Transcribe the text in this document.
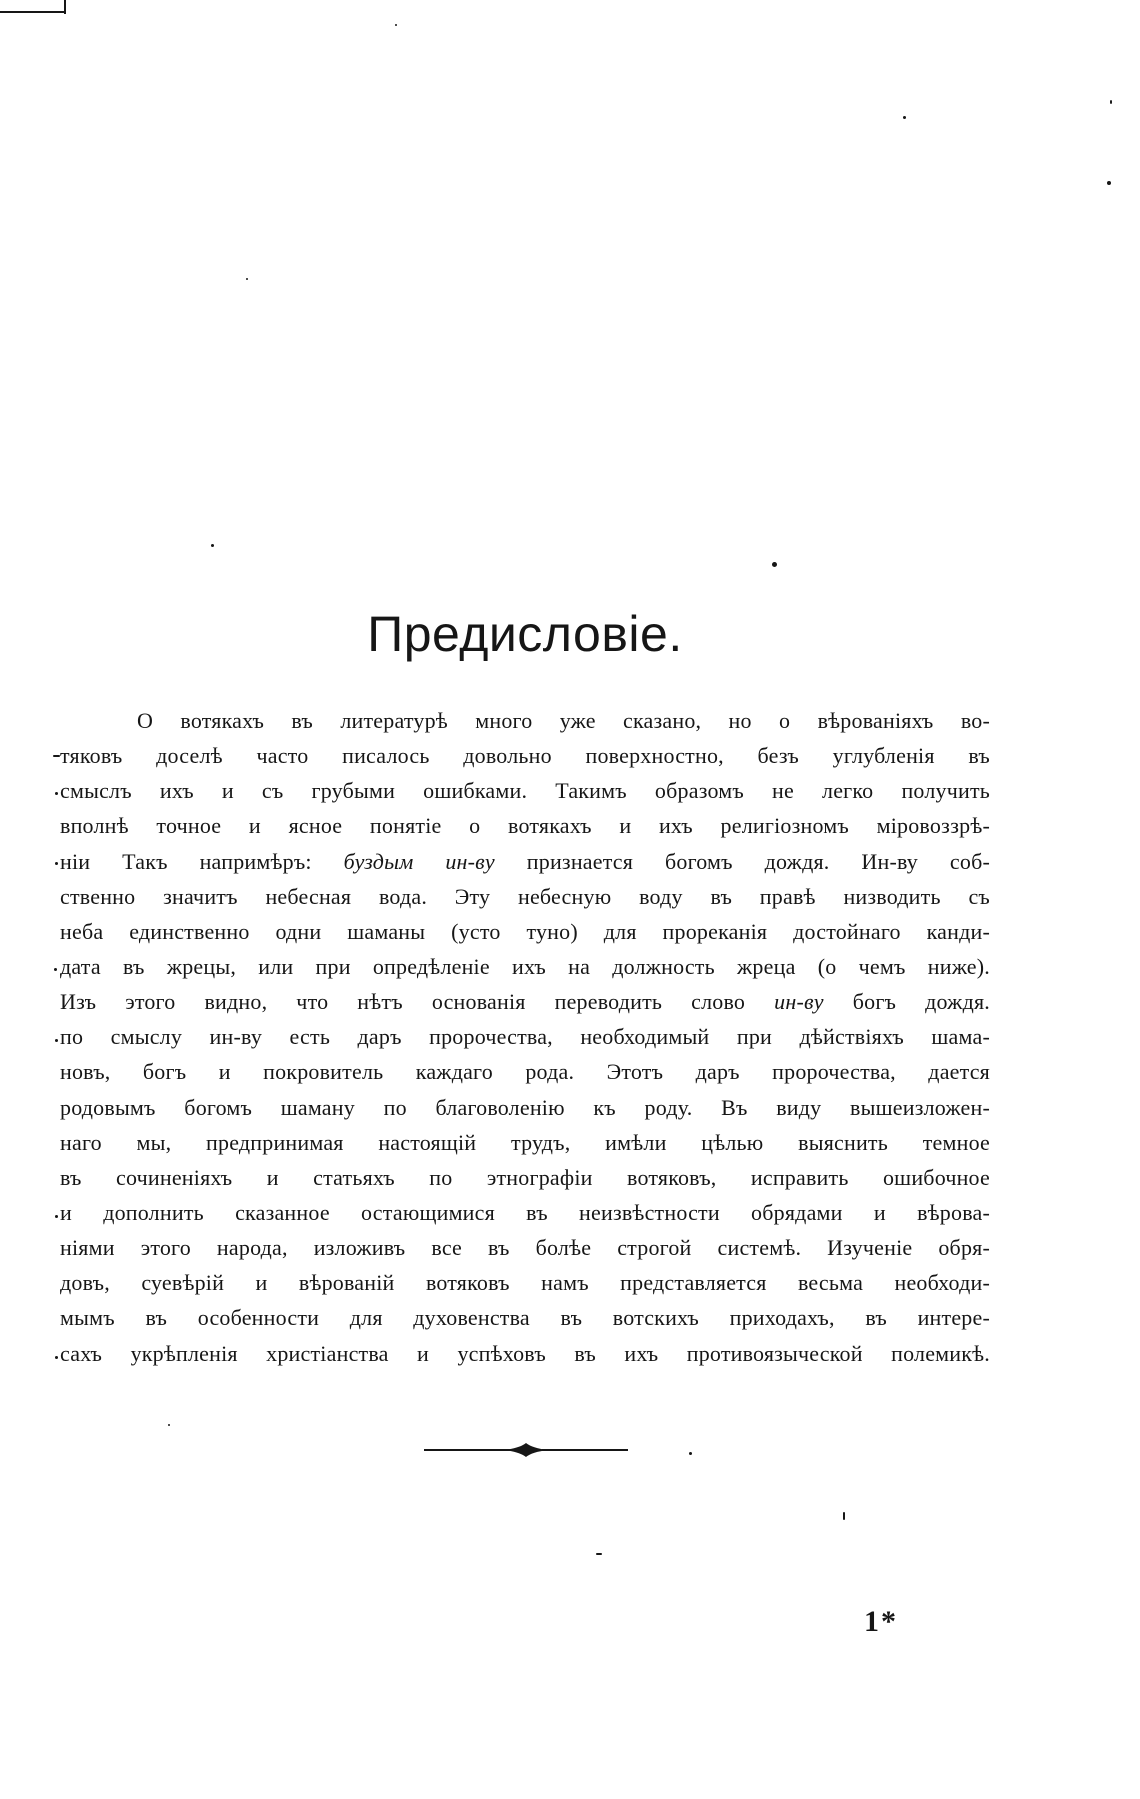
Предисловіе.
О вотякахъ въ литературѣ много уже сказано, но о вѣрованіяхъ во-
тяковъ доселѣ часто писалось довольно поверхностно, безъ углубленія въ
смыслъ ихъ и съ грубыми ошибками. Такимъ образомъ не легко получить
вполнѣ точное и ясное понятіе о вотякахъ и ихъ религіозномъ міровоззрѣ-
ніи Такъ напримѣръ: буздым ин-ву признается богомъ дождя. Ин-ву соб-
ственно значитъ небесная вода. Эту небесную воду въ правѣ низводить съ
неба единственно одни шаманы (усто туно) для прореканія достойнаго канди-
дата въ жрецы, или при опредѣленіе ихъ на должность жреца (о чемъ ниже).
Изъ этого видно, что нѣтъ основанія переводить слово ин-ву богъ дождя.
по смыслу ин-ву есть даръ пророчества, необходимый при дѣйствіяхъ шама-
новъ, богъ и покровитель каждаго рода. Этотъ даръ пророчества, дается
родовымъ богомъ шаману по благоволенію къ роду. Въ виду вышеизложен-
наго мы, предпринимая настоящій трудъ, имѣли цѣлью выяснить темное
въ сочиненіяхъ и статьяхъ по этнографіи вотяковъ, исправить ошибочное
и дополнить сказанное остающимися въ неизвѣстности обрядами и вѣрова-
ніями этого народа, изложивъ все въ болѣе строгой системѣ. Изученіе обря-
довъ, суевѣрій и вѣрованій вотяковъ намъ представляется весьма необходи-
мымъ въ особенности для духовенства въ вотскихъ приходахъ, въ интере-
сахъ укрѣпленія христіанства и успѣховъ въ ихъ противоязыческой полемикѣ.
1*
